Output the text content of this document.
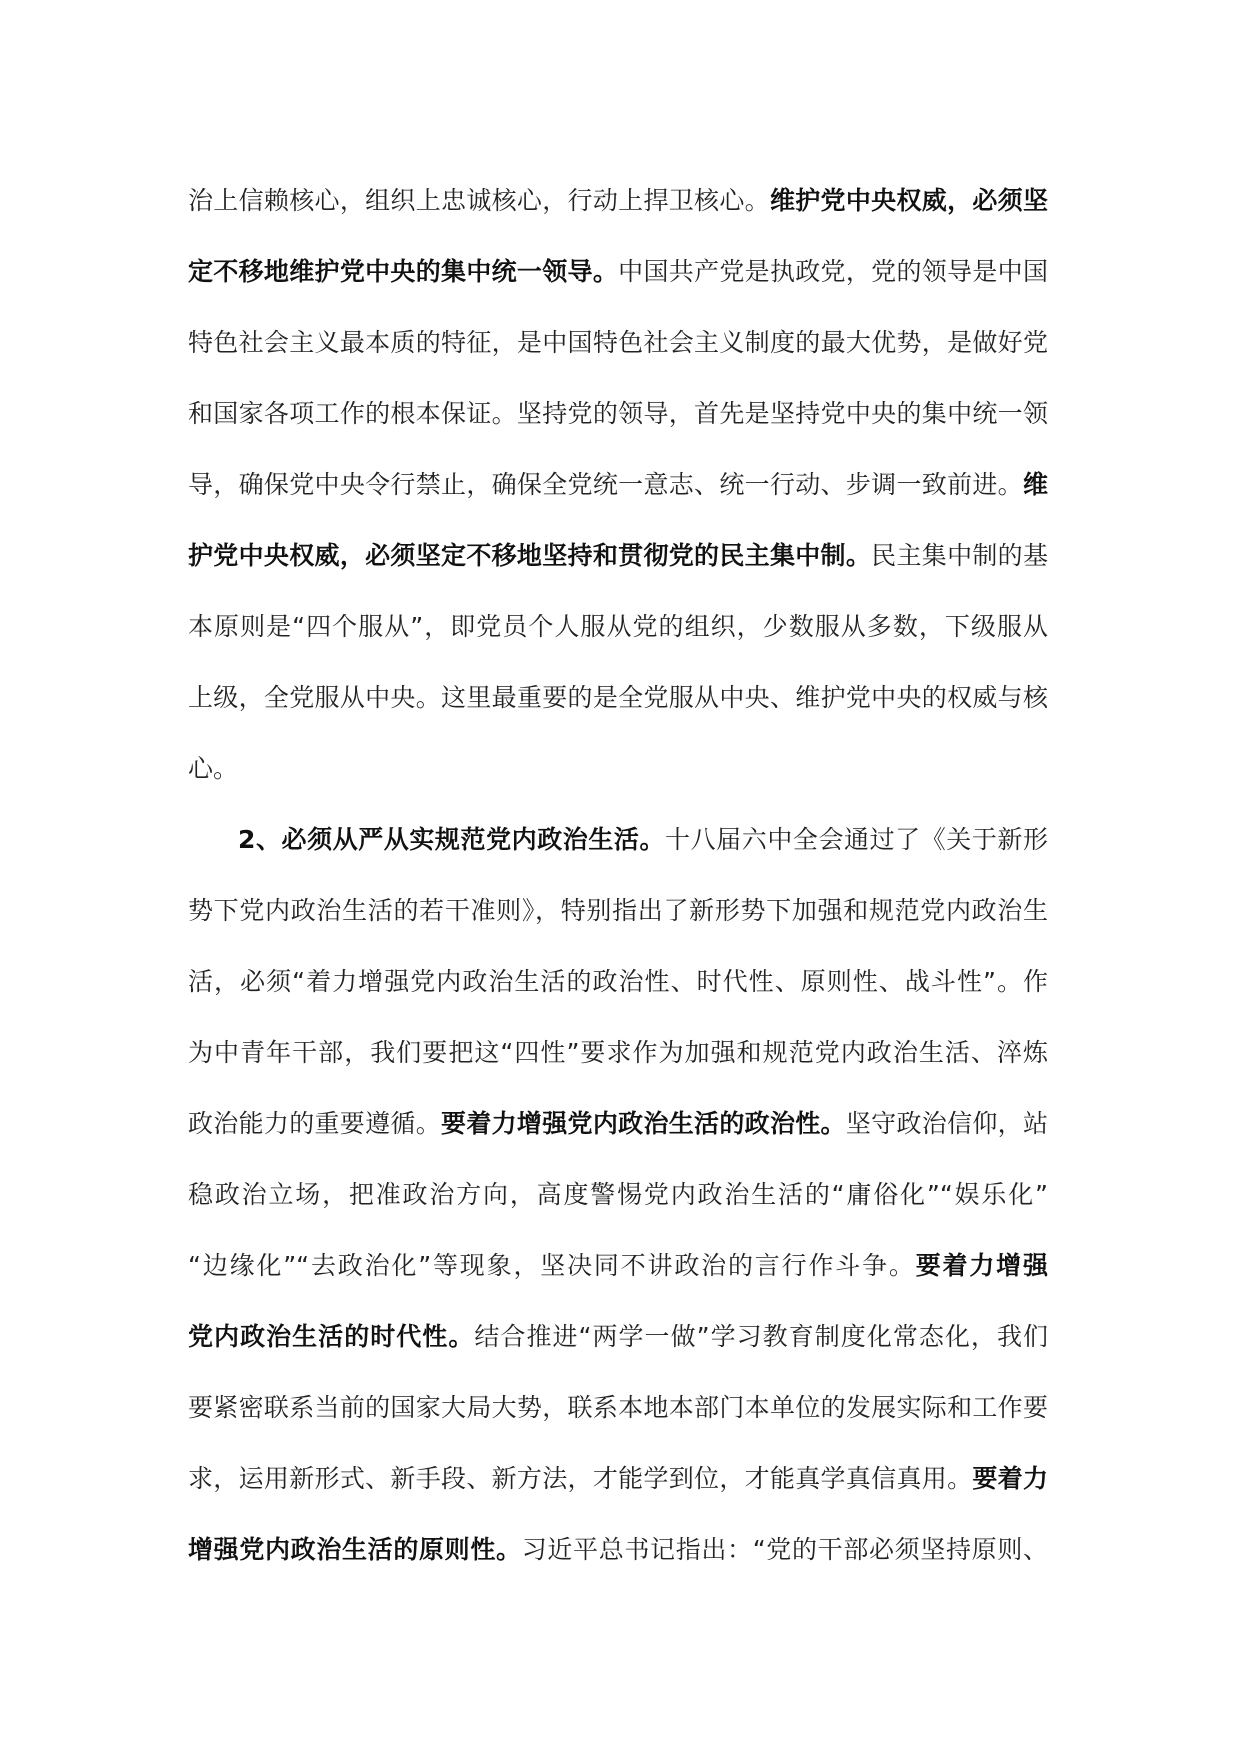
治上信赖核心，组织上忠诚核心，行动上捍卫核心。维护党中央权威，必须坚
定不移地维护党中央的集中统一领导。中国共产党是执政党，党的领导是中国
特色社会主义最本质的特征，是中国特色社会主义制度的最大优势，是做好党
和国家各项工作的根本保证。坚持党的领导，首先是坚持党中央的集中统一领
导，确保党中央令行禁止，确保全党统一意志、统一行动、步调一致前进。维
护党中央权威，必须坚定不移地坚持和贯彻党的民主集中制。民主集中制的基
本原则是“四个服从”，即党员个人服从党的组织，少数服从多数，下级服从
上级，全党服从中央。这里最重要的是全党服从中央、维护党中央的权威与核
心。
2、必须从严从实规范党内政治生活。十八届六中全会通过了《关于新形
势下党内政治生活的若干准则》，特别指出了新形势下加强和规范党内政治生
活，必须“着力增强党内政治生活的政治性、时代性、原则性、战斗性”。作
为中青年干部，我们要把这“四性”要求作为加强和规范党内政治生活、淬炼
政治能力的重要遵循。要着力增强党内政治生活的政治性。坚守政治信仰，站
稳政治立场，把准政治方向，高度警惕党内政治生活的“庸俗化”“娱乐化”
“边缘化”“去政治化”等现象，坚决同不讲政治的言行作斗争。要着力增强
党内政治生活的时代性。结合推进“两学一做”学习教育制度化常态化，我们
要紧密联系当前的国家大局大势，联系本地本部门本单位的发展实际和工作要
求，运用新形式、新手段、新方法，才能学到位，才能真学真信真用。要着力
增强党内政治生活的原则性。习近平总书记指出：“党的干部必须坚持原则、
